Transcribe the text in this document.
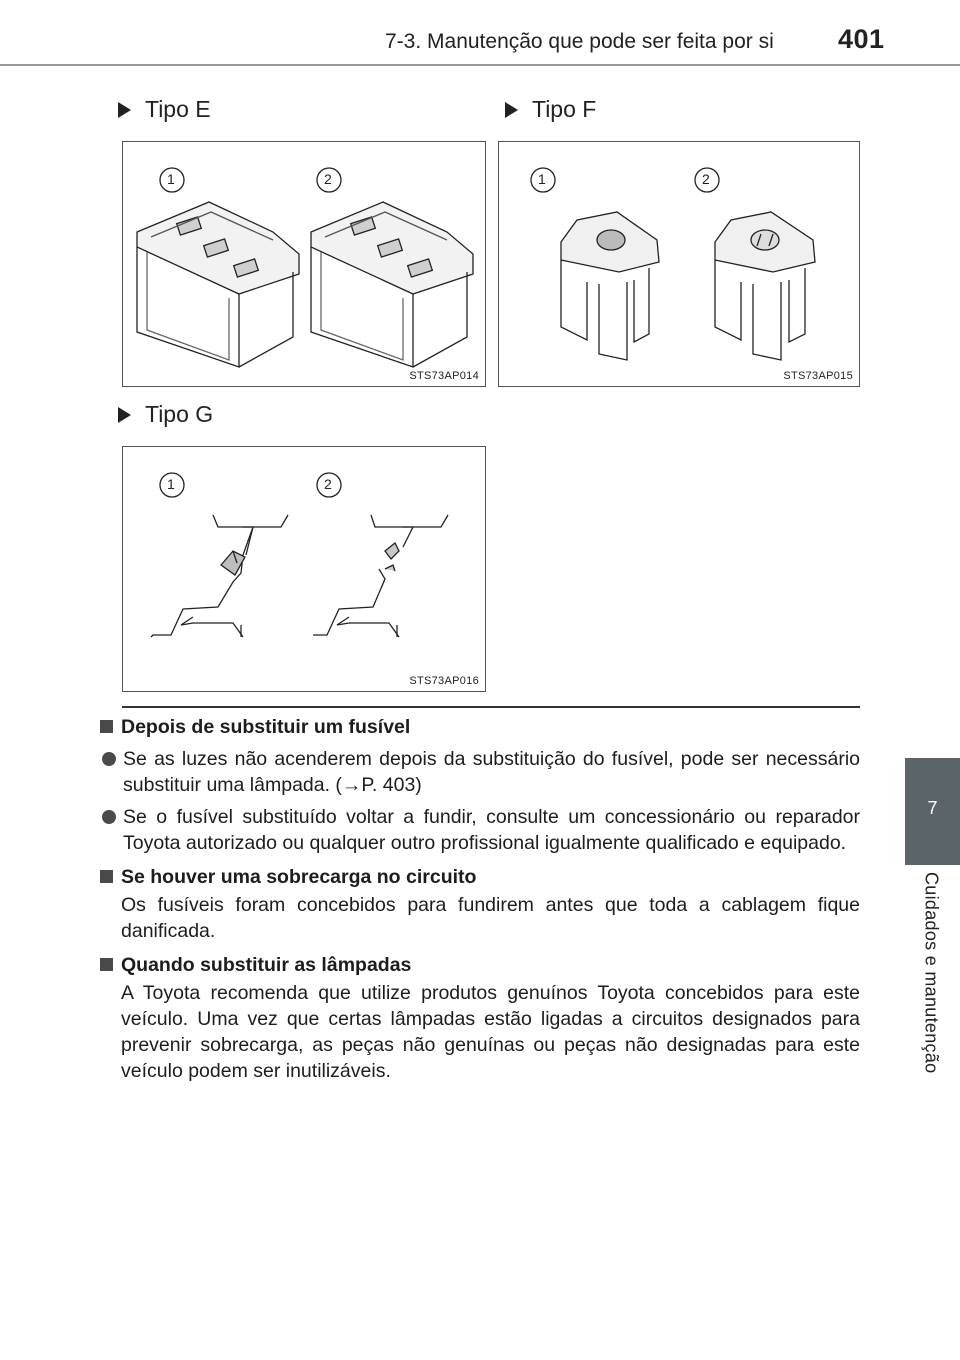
7-3. Manutenção que pode ser feita por si 401
7
Cuidados e manutenção
Tipo E	Tipo F
Tipo G
STS73AP014
1	2
STS73AP015
1	2
STS73AP016
1	2
Depois de substituir um fusível
Se as luzes não acenderem depois da substituição do fusível, pode ser necessário substituir uma lâmpada. (→P. 403)
Se o fusível substituído voltar a fundir, consulte um concessionário ou reparador Toyota autorizado ou qualquer outro profissional igualmente qualificado e equipado.
Se houver uma sobrecarga no circuito
Os fusíveis foram concebidos para fundirem antes que toda a cablagem fique danificada.
Quando substituir as lâmpadas
A Toyota recomenda que utilize produtos genuínos Toyota concebidos para este veículo. Uma vez que certas lâmpadas estão ligadas a circuitos designados para prevenir sobrecarga, as peças não genuínas ou peças não designadas para este veículo podem ser inutilizáveis.
